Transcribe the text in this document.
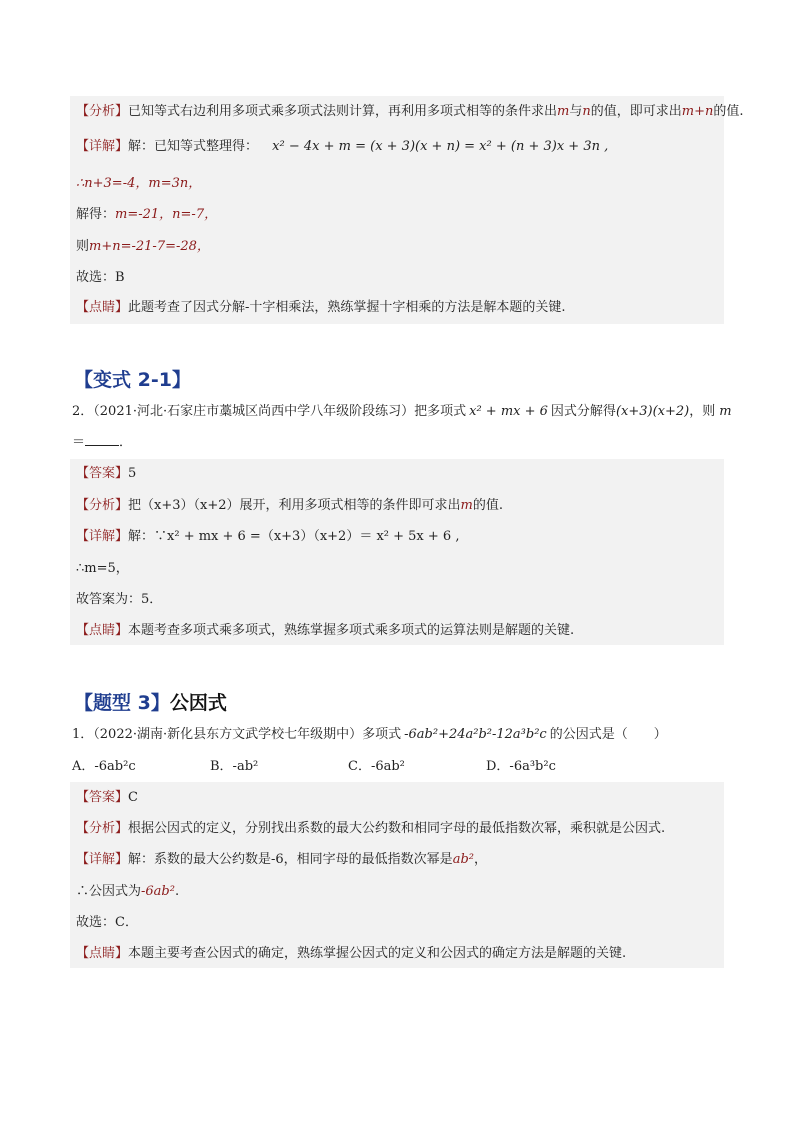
【分析】已知等式右边利用多项式乘多项式法则计算，再利用多项式相等的条件求出m与n的值，即可求出m+n的值.
【详解】解：已知等式整理得： x² − 4x + m = (x + 3)(x + n) = x² + (n + 3)x + 3n ,
∴n+3=-4，m=3n，
解得：m=-21，n=-7，
则m+n=-21-7=-28，
故选：B
【点睛】此题考查了因式分解-十字相乘法，熟练掌握十字相乘的方法是解本题的关键.
【变式 2-1】
2．（2021·河北·石家庄市藁城区尚西中学八年级阶段练习）把多项式 x² + mx + 6 因式分解得(x+3)(x+2)，则 m
＝	．
【答案】5
【分析】把（x+3）（x+2）展开，利用多项式相等的条件即可求出m的值.
【详解】解：∵x² + mx + 6 =（x+3）（x+2）＝ x² + 5x + 6 ,
∴m=5，
故答案为：5．
【点睛】本题考查多项式乘多项式，熟练掌握多项式乘多项式的运算法则是解题的关键.
【题型 3】公因式
1．（2022·湖南·新化县东方文武学校七年级期中）多项式 -6ab²+24a²b²-12a³b²c 的公因式是（　　）
A．-6ab²c	B．-ab²	C．-6ab²	D．-6a³b²c
【答案】C
【分析】根据公因式的定义，分别找出系数的最大公约数和相同字母的最低指数次幂，乘积就是公因式.
【详解】解：系数的最大公约数是-6，相同字母的最低指数次幂是ab²，
∴公因式为-6ab².
故选：C．
【点睛】本题主要考查公因式的确定，熟练掌握公因式的定义和公因式的确定方法是解题的关键.
